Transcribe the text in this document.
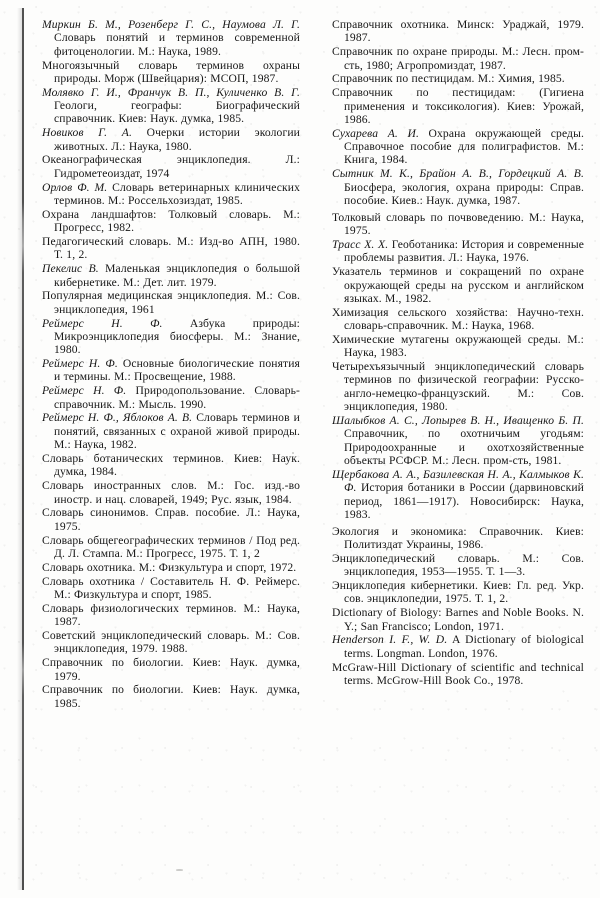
Миркин Б. М., Розенберг Г. С., Наумова Л. Г. Словарь понятий и терминов современной фитоценологии. М.: Наука, 1989.

Многоязычный словарь терминов охраны природы. Морж (Швейцария): МСОП, 1987.

Молявко Г. И., Франчук В. П., Куличенко В. Г. Геологи, географы: Биографический справочник. Киев: Наук. думка, 1985.

Новиков Г. А. Очерки истории экологии животных. Л.: Наука, 1980.

Океанографическая энциклопедия. Л.: Гидрометеоиздат, 1974

Орлов Ф. М. Словарь ветеринарных клинических терминов. М.: Россельхозиздат, 1985.

Охрана ландшафтов: Толковый словарь. М.: Прогресс, 1982.

Педагогический словарь. М.: Изд-во АПН, 1980. Т. 1, 2.

Пекелис В. Маленькая энциклопедия о большой кибернетике. М.: Дет. лит. 1979.

Популярная медицинская энциклопедия. М.: Сов. энциклопедия, 1961

Реймерс Н. Ф. Азбука природы: Микроэнциклопедия биосферы. М.: Знание, 1980.

Реймерс Н. Ф. Основные биологические понятия и термины. М.: Просвещение, 1988.

Реймерс Н. Ф. Природопользование. Словарь-справочник. М.: Мысль. 1990.

Реймерс Н. Ф., Яблоков А. В. Словарь терминов и понятий, связанных с охраной живой природы. М.: Наука, 1982.

Словарь ботанических терминов. Киев: Наук. думка, 1984.

Словарь иностранных слов. М.: Гос. изд.-во иностр. и нац. словарей, 1949; Рус. язык, 1984.

Словарь синонимов. Справ. пособие. Л.: Наука, 1975.

Словарь общегеографических терминов / Под ред. Д. Л. Стампа. М.: Прогресс, 1975. Т. 1, 2

Словарь охотника. М.: Физкультура и спорт, 1972.

Словарь охотника / Составитель Н. Ф. Реймерс. М.: Физкультура и спорт, 1985.

Словарь физиологических терминов. М.: Наука, 1987.

Советский энциклопедический словарь. М.: Сов. энциклопедия, 1979. 1988.

Справочник по биологии. Киев: Наук. думка, 1979.

Справочник по биологии. Киев: Наук. думка, 1985.

Справочник охотника. Минск: Ураджай, 1979. 1987.

Справочник по охране природы. М.: Лесн. пром-сть, 1980; Агропромиздат, 1987.

Справочник по пестицидам. М.: Химия, 1985.

Справочник по пестицидам: (Гигиена применения и токсикология). Киев: Урожай, 1986.

Сухарева А. И. Охрана окружающей среды. Справочное пособие для полиграфистов. М.: Книга, 1984.

Сытник М. К., Брайон А. В., Гордецкий А. В. Биосфера, экология, охрана природы: Справ. пособие. Киев.: Наук. думка, 1987.

Толковый словарь по почвоведению. М.: Наука, 1975.

Трасс X. X. Геоботаника: История и современные проблемы развития. Л.: Наука, 1976.

Указатель терминов и сокращений по охране окружающей среды на русском и английском языках. М., 1982.

Химизация сельского хозяйства: Научно-техн. словарь-справочник. М.: Наука, 1968.

Химические мутагены окружающей среды. М.: Наука, 1983.

Четырехъязычный энциклопедический словарь терминов по физической географии: Русско-англо-немецко-французский. М.: Сов. энциклопедия, 1980.

Шалыбков А. С., Лопырев В. Н., Иващенко Б. П. Справочник, по охотничьим угодьям: Природоохранные и охотхозяйственные объекты РСФСР. М.: Лесн. пром-сть, 1981.

Щербакова А. А., Базилевская Н. А., Калмыков К. Ф. История ботаники в России (дарвиновский период, 1861—1917). Новосибирск: Наука, 1983.

Экология и экономика: Справочник. Киев: Политиздат Украины, 1986.

Энциклопедический словарь. М.: Сов. энциклопедия, 1953—1955. Т. 1—3.

Энциклопедия кибернетики. Киев: Гл. ред. Укр. сов. энциклопедии, 1975. Т. 1, 2.

Dictionary of Biology: Barnes and Noble Books. N. Y.; San Francisco; London, 1971.

Henderson I. F., W. D. A Dictionary of biological terms. Longman. London, 1976.

McGraw-Hill Dictionary of scientific and technical terms. McGrow-Hill Book Co., 1978.
